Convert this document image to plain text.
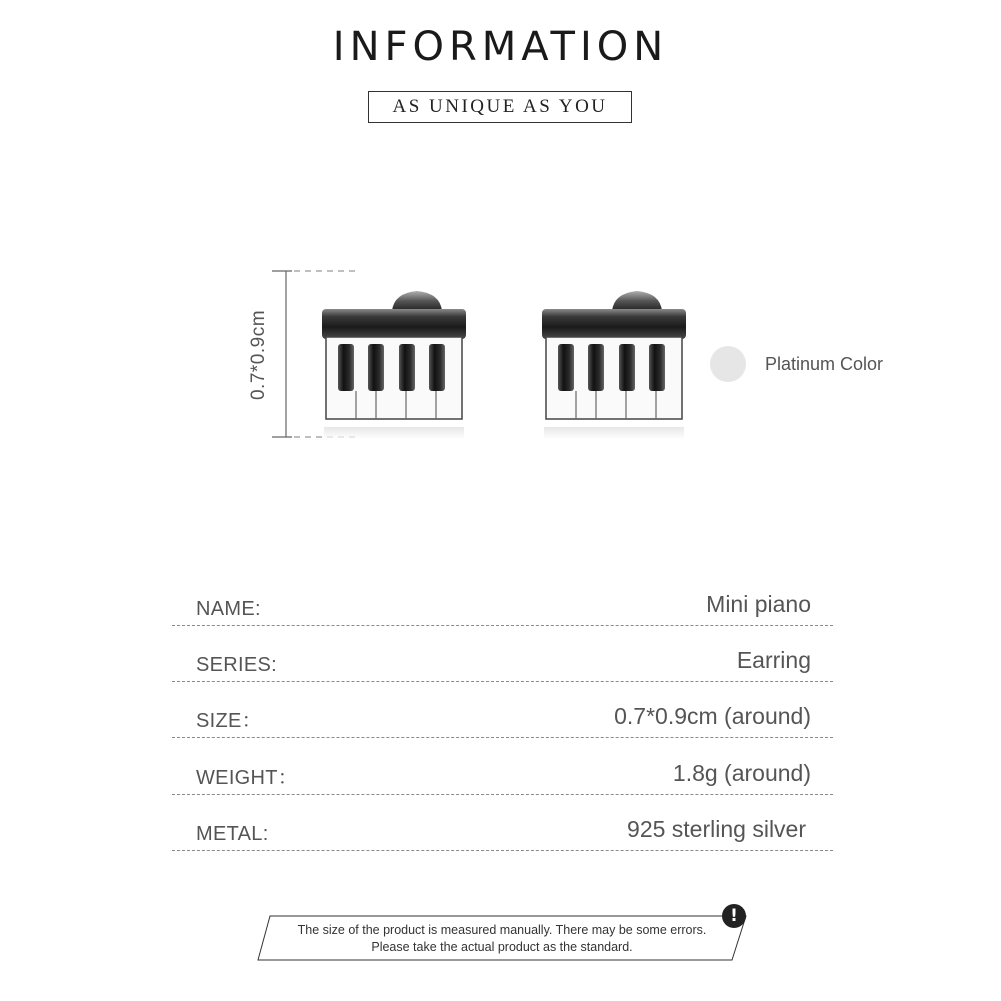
INFORMATION
AS UNIQUE AS YOU
0.7*0.9cm	Platinum Color
NAME:	Mini piano
SERIES:	Earring
SIZE：	0.7*0.9cm (around)
WEIGHT：	1.8g (around)
METAL:	925 sterling silver
The size of the product is measured manually. There may be some errors.
Please take the actual product as the standard.
!
